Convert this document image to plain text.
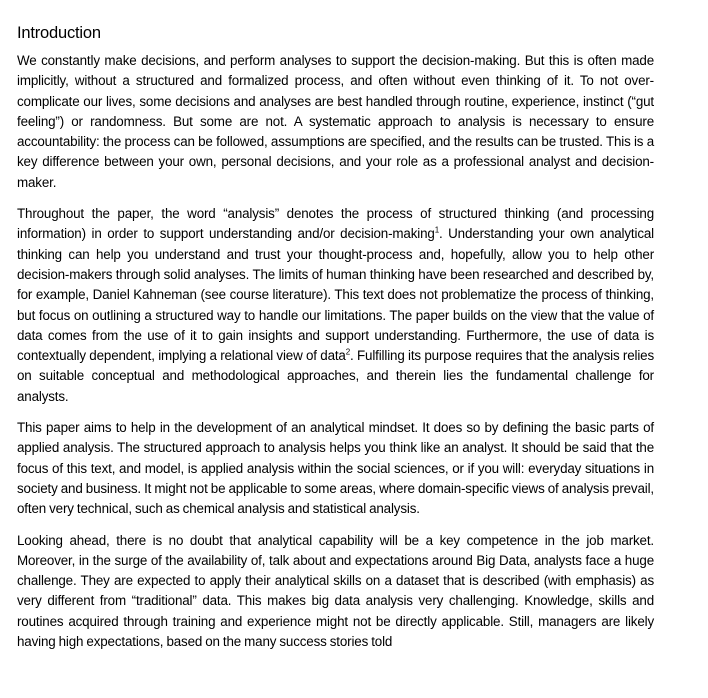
Introduction

We constantly make decisions, and perform analyses to support the decision-making. But this is often made implicitly, without a structured and formalized process, and often without even thinking of it. To not over-complicate our lives, some decisions and analyses are best handled through routine, experience, instinct (“gut feeling”) or randomness. But some are not. A systematic approach to analysis is necessary to ensure accountability: the process can be followed, assumptions are specified, and the results can be trusted. This is a key difference between your own, personal decisions, and your role as a professional analyst and decision-maker.

Throughout the paper, the word “analysis” denotes the process of structured thinking (and processing information) in order to support understanding and/or decision-making$^1$. Understanding your own analytical thinking can help you understand and trust your thought-process and, hopefully, allow you to help other decision-makers through solid analyses. The limits of human thinking have been researched and described by, for example, Daniel Kahneman (see course literature). This text does not problematize the process of thinking, but focus on outlining a structured way to handle our limitations. The paper builds on the view that the value of data comes from the use of it to gain insights and support understanding. Furthermore, the use of data is contextually dependent, implying a relational view of data$^2$. Fulfilling its purpose requires that the analysis relies on suitable conceptual and methodological approaches, and therein lies the fundamental challenge for analysts.

This paper aims to help in the development of an analytical mindset. It does so by defining the basic parts of applied analysis. The structured approach to analysis helps you think like an analyst. It should be said that the focus of this text, and model, is applied analysis within the social sciences, or if you will: everyday situations in society and business. It might not be applicable to some areas, where domain-specific views of analysis prevail, often very technical, such as chemical analysis and statistical analysis.

Looking ahead, there is no doubt that analytical capability will be a key competence in the job market. Moreover, in the surge of the availability of, talk about and expectations around Big Data, analysts face a huge challenge. They are expected to apply their analytical skills on a dataset that is described (with emphasis) as very different from “traditional” data. This makes big data analysis very challenging. Knowledge, skills and routines acquired through training and experience might not be directly applicable. Still, managers are likely having high expectations, based on the many success stories told
